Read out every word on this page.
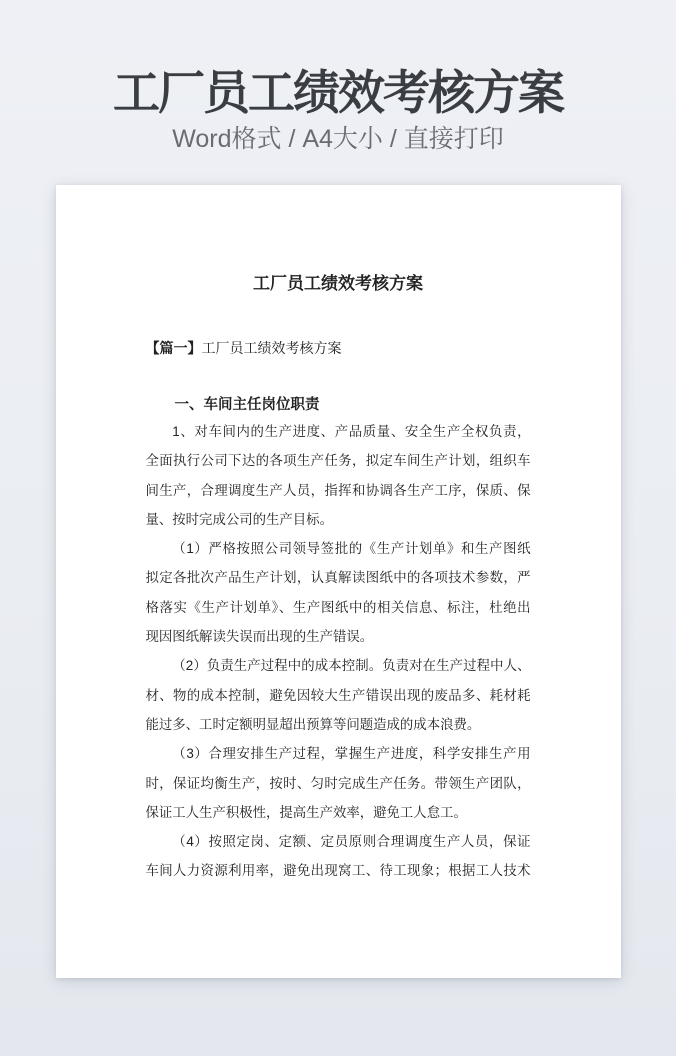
工厂员工绩效考核方案
Word格式 / A4大小 / 直接打印
工厂员工绩效考核方案
【篇一】工厂员工绩效考核方案
一、车间主任岗位职责
1、对车间内的生产进度、产品质量、安全生产全权负责，
全面执行公司下达的各项生产任务，拟定车间生产计划，组织车
间生产，合理调度生产人员，指挥和协调各生产工序，保质、保
量、按时完成公司的生产目标。
（1）严格按照公司领导签批的《生产计划单》和生产图纸
拟定各批次产品生产计划，认真解读图纸中的各项技术参数，严
格落实《生产计划单》、生产图纸中的相关信息、标注，杜绝出
现因图纸解读失误而出现的生产错误。
（2）负责生产过程中的成本控制。负责对在生产过程中人、
材、物的成本控制，避免因较大生产错误出现的废品多、耗材耗
能过多、工时定额明显超出预算等问题造成的成本浪费。
（3）合理安排生产过程，掌握生产进度，科学安排生产用
时，保证均衡生产，按时、匀时完成生产任务。带领生产团队，
保证工人生产积极性，提高生产效率，避免工人怠工。
（4）按照定岗、定额、定员原则合理调度生产人员，保证
车间人力资源利用率，避免出现窝工、待工现象；根据工人技术
